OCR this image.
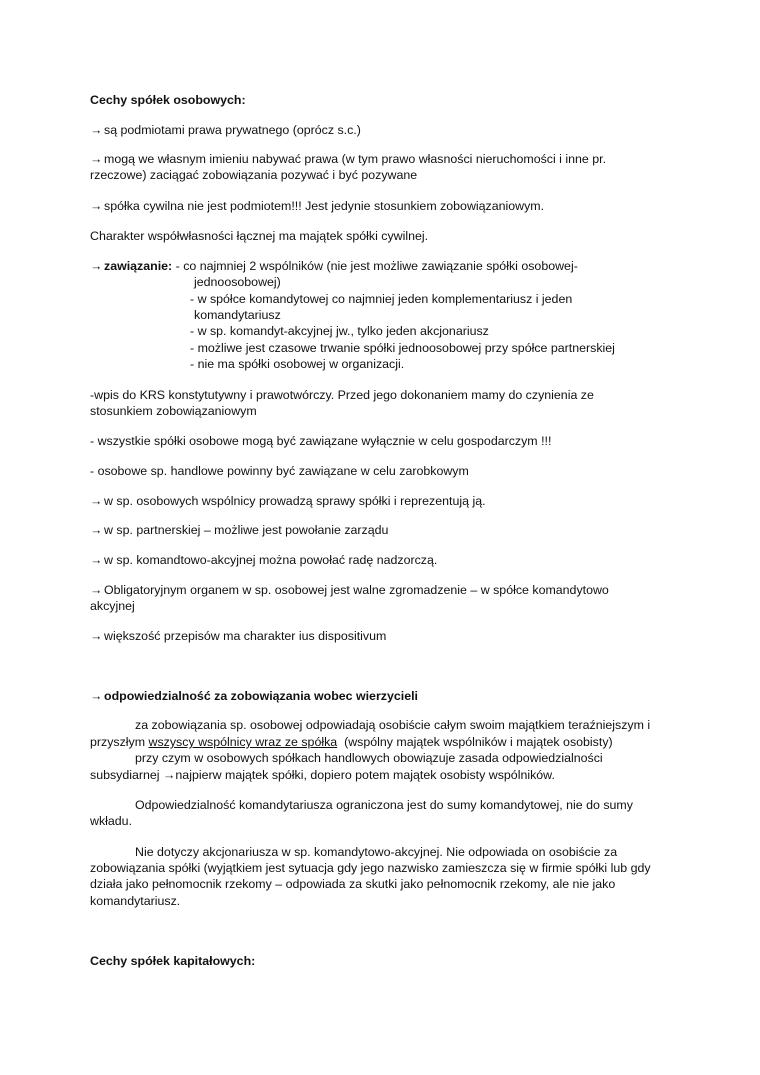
Cechy spółek osobowych:

→ są podmiotami prawa prywatnego (oprócz s.c.)

→ mogą we własnym imieniu nabywać prawa (w tym prawo własności nieruchomości i inne pr.

rzeczowe) zaciągać zobowiązania pozywać i być pozywane

→ spółka cywilna nie jest podmiotem!!! Jest jedynie stosunkiem zobowiązaniowym.

Charakter współwłasności łącznej ma majątek spółki cywilnej.

→ zawiązanie: - co najmniej 2 wspólników (nie jest możliwe zawiązanie spółki osobowej-

jednoosobowej)

- w spółce komandytowej co najmniej jeden komplementariusz i jeden

komandytariusz

- w sp. komandyt-akcyjnej jw., tylko jeden akcjonariusz

- możliwe jest czasowe trwanie spółki jednoosobowej przy spółce partnerskiej

- nie ma spółki osobowej w organizacji.

-wpis do KRS konstytutywny i prawotwórczy. Przed jego dokonaniem mamy do czynienia ze

stosunkiem zobowiązaniowym

- wszystkie spółki osobowe mogą być zawiązane wyłącznie w celu gospodarczym !!!

- osobowe sp. handlowe powinny być zawiązane w celu zarobkowym

→ w sp. osobowych wspólnicy prowadzą sprawy spółki i reprezentują ją.

→ w sp. partnerskiej – możliwe jest powołanie zarządu

→ w sp. komandtowo-akcyjnej można powołać radę nadzorczą.

→ Obligatoryjnym organem w sp. osobowej jest walne zgromadzenie – w spółce komandytowo

akcyjnej

→ większość przepisów ma charakter ius dispositivum

→ odpowiedzialność za zobowiązania wobec wierzycieli

za zobowiązania sp. osobowej odpowiadają osobiście całym swoim majątkiem teraźniejszym i

przyszłym wszyscy wspólnicy wraz ze spółka  (wspólny majątek wspólników i majątek osobisty)

przy czym w osobowych spółkach handlowych obowiązuje zasada odpowiedzialności

subsydiarnej →najpierw majątek spółki, dopiero potem majątek osobisty wspólników.

Odpowiedzialność komandytariusza ograniczona jest do sumy komandytowej, nie do sumy

wkładu.

Nie dotyczy akcjonariusza w sp. komandytowo-akcyjnej. Nie odpowiada on osobiście za

zobowiązania spółki (wyjątkiem jest sytuacja gdy jego nazwisko zamieszcza się w firmie spółki lub gdy

działa jako pełnomocnik rzekomy – odpowiada za skutki jako pełnomocnik rzekomy, ale nie jako

komandytariusz.

Cechy spółek kapitałowych:
